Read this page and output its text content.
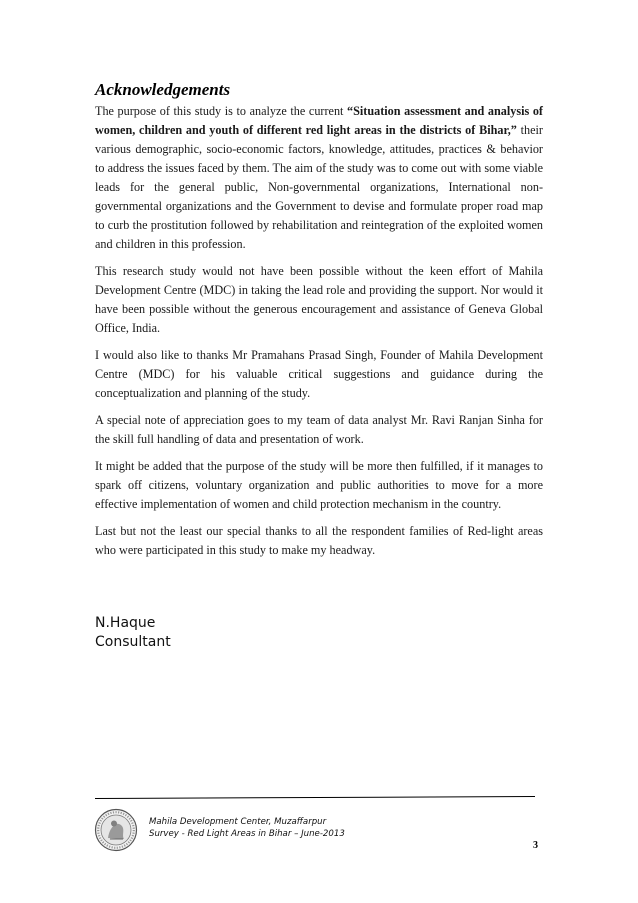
Acknowledgements

The purpose of this study is to analyze the current “Situation assessment and analysis of women, children and youth of different red light areas in the districts of Bihar,” their various demographic, socio-economic factors, knowledge, attitudes, practices & behavior to address the issues faced by them. The aim of the study was to come out with some viable leads for the general public, Non-governmental organizations, International non-governmental organizations and the Government to devise and formulate proper road map to curb the prostitution followed by rehabilitation and reintegration of the exploited women and children in this profession.

This research study would not have been possible without the keen effort of Mahila Development Centre (MDC) in taking the lead role and providing the support. Nor would it have been possible without the generous encouragement and assistance of Geneva Global Office, India.

I would also like to thanks Mr Pramahans Prasad Singh, Founder of Mahila Development Centre (MDC) for his valuable critical suggestions and guidance during the conceptualization and planning of the study.

A special note of appreciation goes to my team of data analyst Mr. Ravi Ranjan Sinha for the skill full handling of data and presentation of work.

It might be added that the purpose of the study will be more then fulfilled, if it manages to spark off citizens, voluntary organization and public authorities to move for a more effective implementation of women and child protection mechanism in the country.

Last but not the least our special thanks to all the respondent families of Red-light areas who were participated in this study to make my headway.

N.Haque
Consultant
Mahila Development Center, Muzaffarpur
Survey - Red Light Areas in Bihar – June-2013
3
